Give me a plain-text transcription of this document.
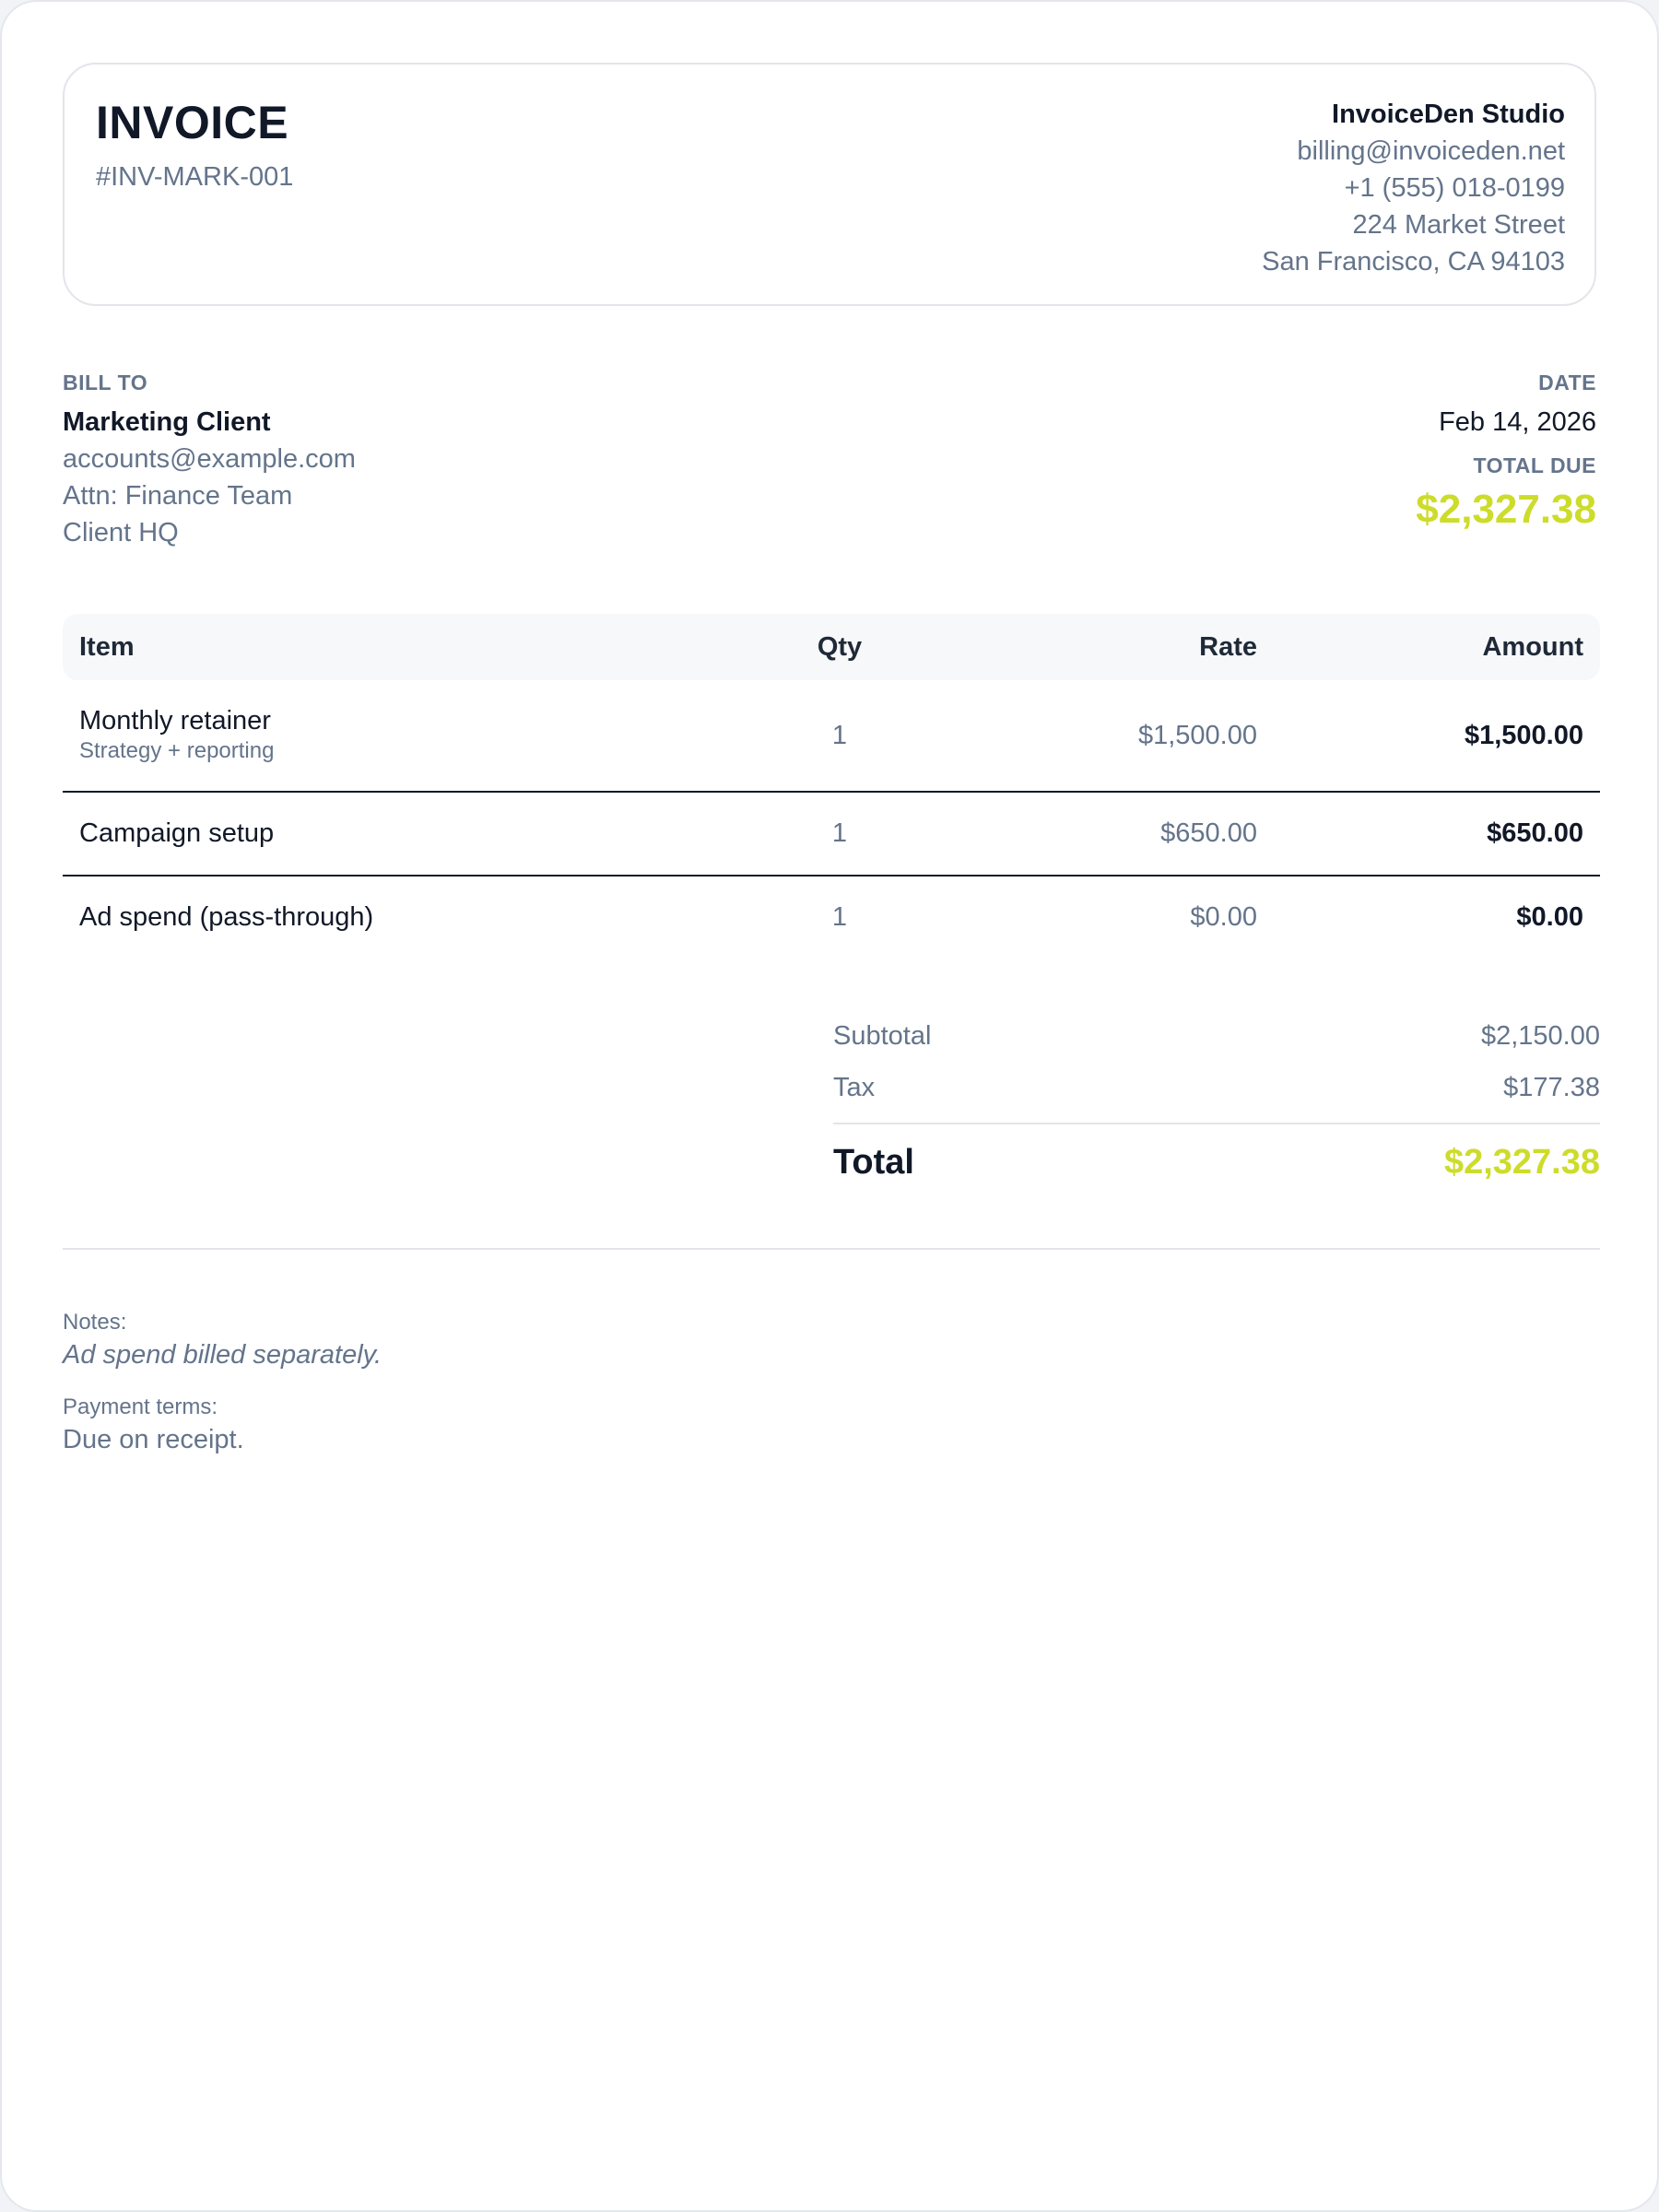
INVOICE
#INV-MARK-001
InvoiceDen Studio
billing@invoiceden.net
+1 (555) 018-0199
224 Market Street
San Francisco, CA 94103
BILL TO
Marketing Client
accounts@example.com
Attn: Finance Team
Client HQ
DATE
Feb 14, 2026
TOTAL DUE
$2,327.38
Item	Qty	Rate	Amount
Monthly retainer
Strategy + reporting
1	$1,500.00	$1,500.00
Campaign setup	1	$650.00	$650.00
Ad spend (pass-through)	1	$0.00	$0.00
Subtotal	$2,150.00
Tax	$177.38
Total	$2,327.38
Notes:
Ad spend billed separately.
Payment terms:
Due on receipt.
